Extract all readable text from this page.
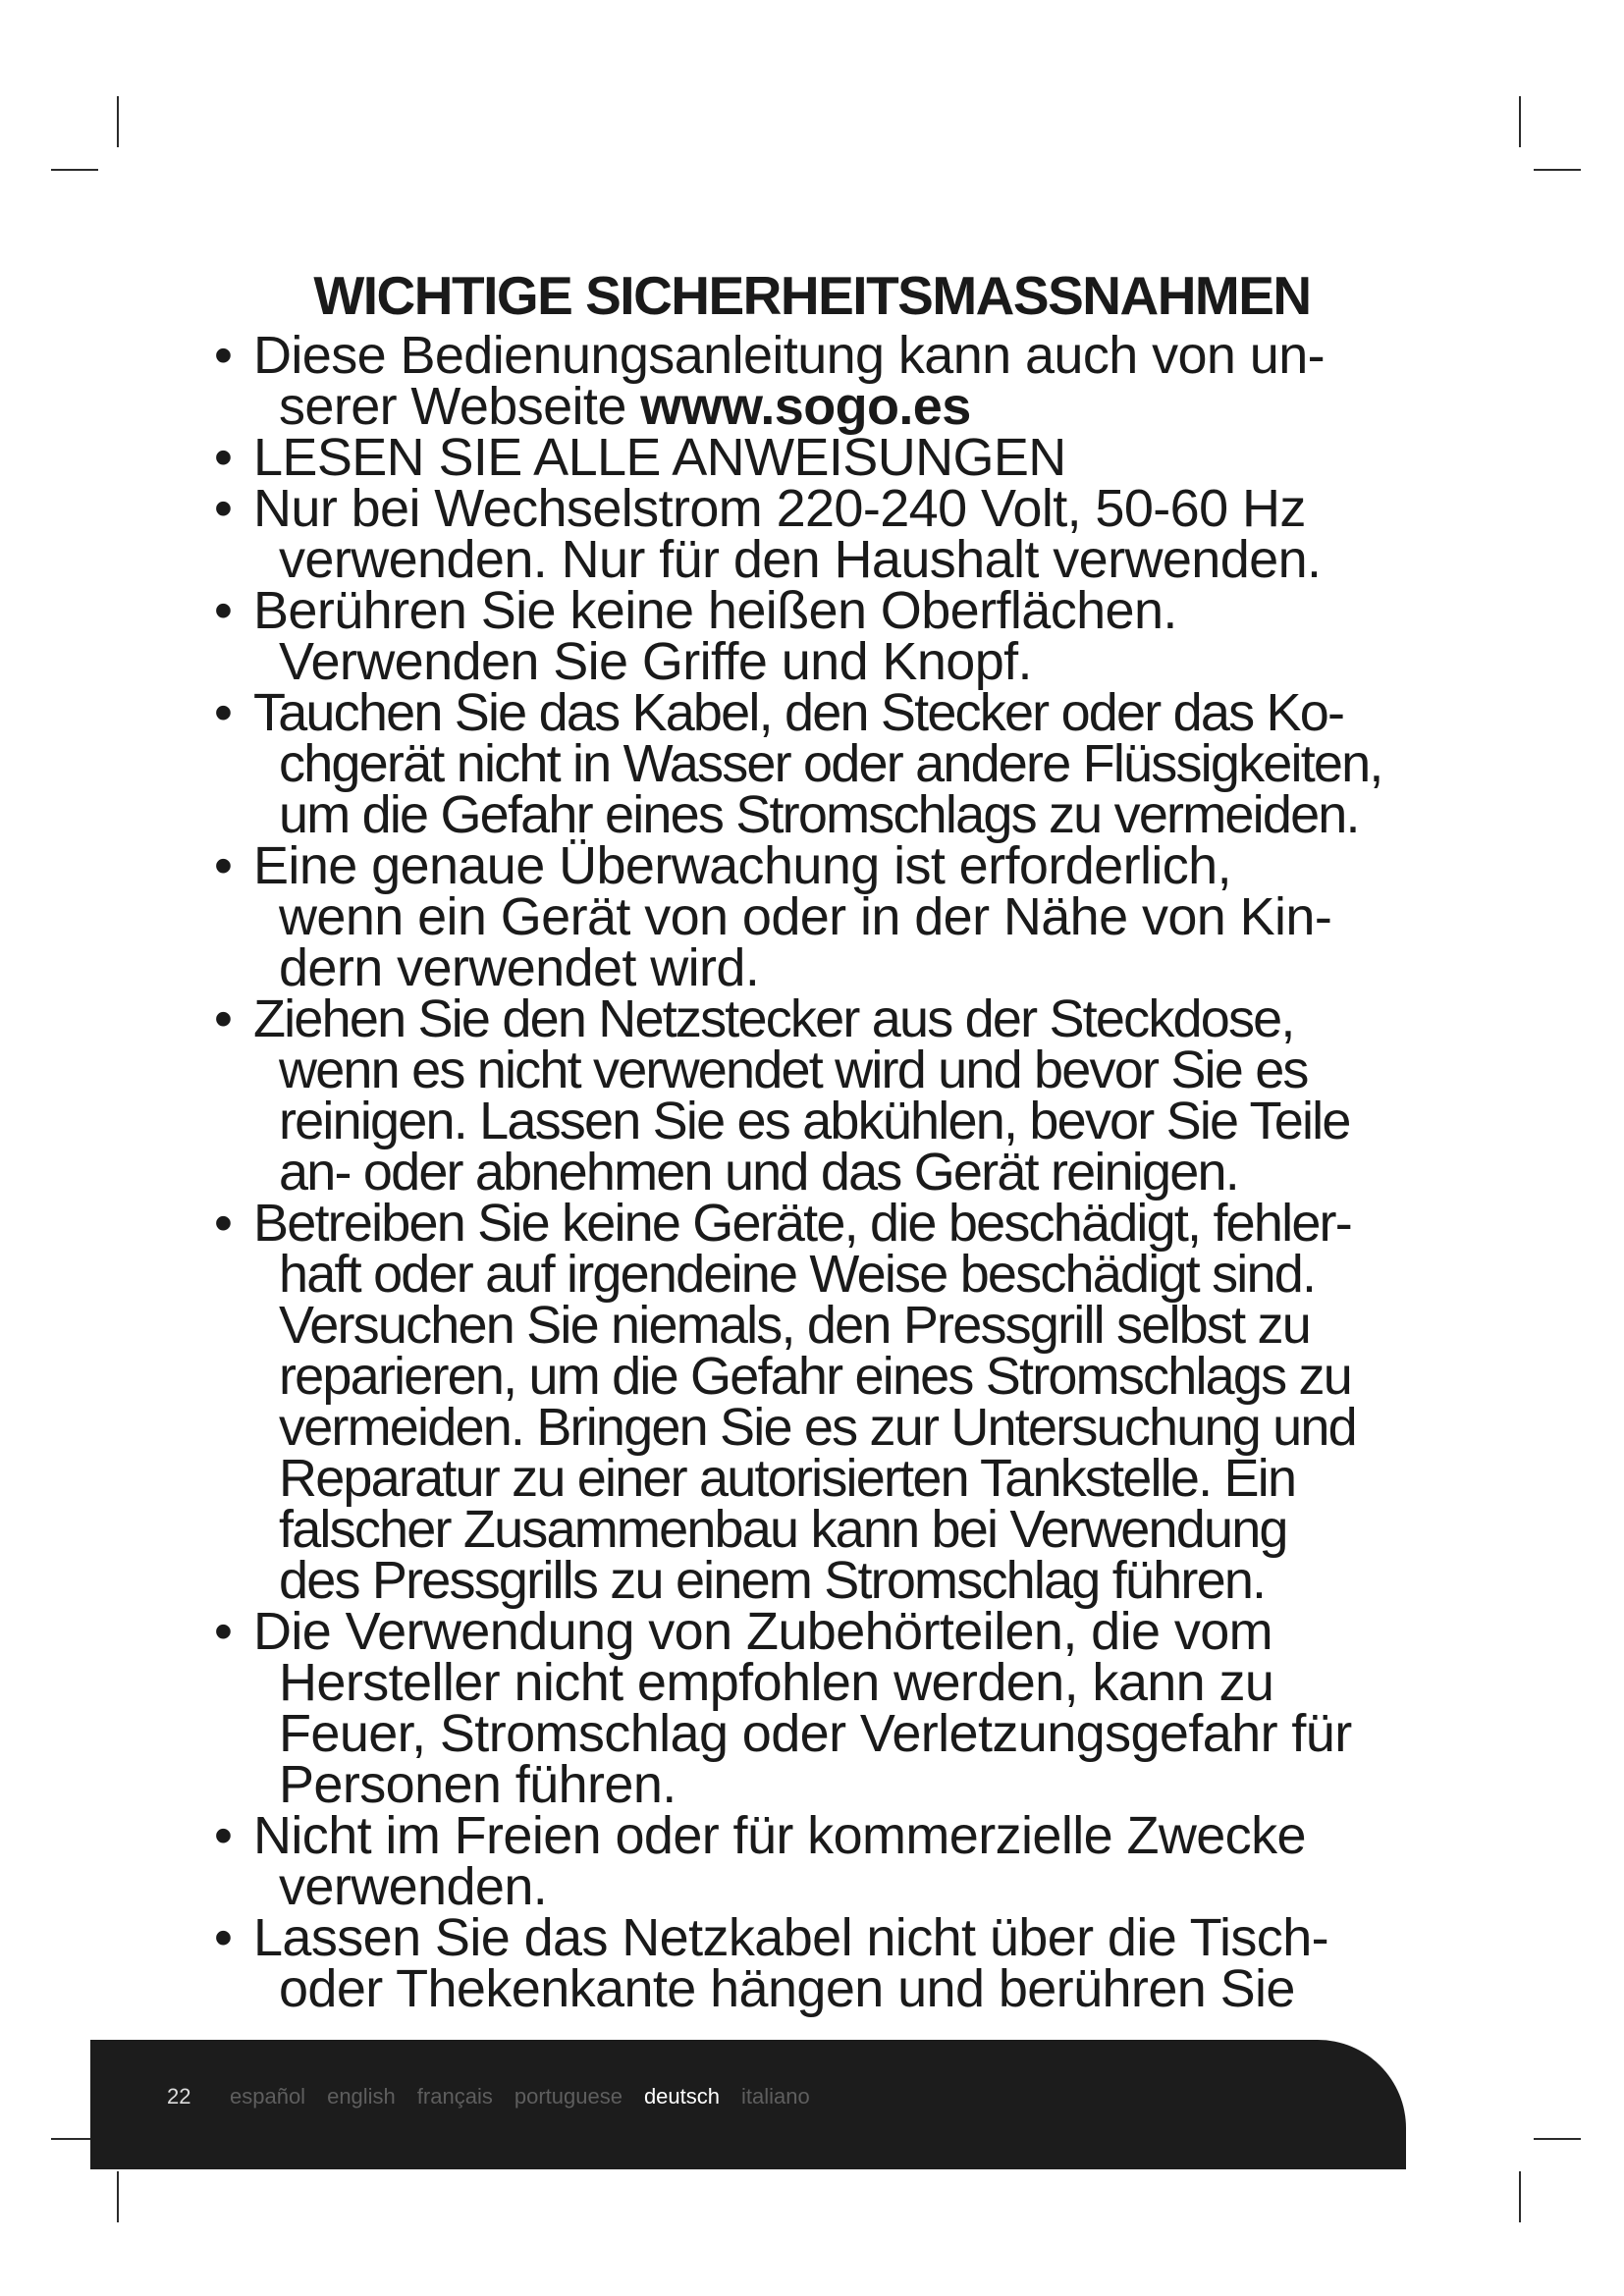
WICHTIGE SICHERHEITSMASSNAHMEN
• Diese Bedienungsanleitung kann auch von un-
serer Webseite www.sogo.es
• LESEN SIE ALLE ANWEISUNGEN
• Nur bei Wechselstrom 220-240 Volt, 50-60 Hz
verwenden. Nur für den Haushalt verwenden.
• Berühren Sie keine heißen Oberflächen.
Verwenden Sie Griffe und Knopf.
• Tauchen Sie das Kabel, den Stecker oder das Ko-
chgerät nicht in Wasser oder andere Flüssigkeiten,
um die Gefahr eines Stromschlags zu vermeiden.
• Eine genaue Überwachung ist erforderlich,
wenn ein Gerät von oder in der Nähe von Kin-
dern verwendet wird.
• Ziehen Sie den Netzstecker aus der Steckdose,
wenn es nicht verwendet wird und bevor Sie es
reinigen. Lassen Sie es abkühlen, bevor Sie Teile
an- oder abnehmen und das Gerät reinigen.
• Betreiben Sie keine Geräte, die beschädigt, fehler-
haft oder auf irgendeine Weise beschädigt sind.
Versuchen Sie niemals, den Pressgrill selbst zu
reparieren, um die Gefahr eines Stromschlags zu
vermeiden. Bringen Sie es zur Untersuchung und
Reparatur zu einer autorisierten Tankstelle. Ein
falscher Zusammenbau kann bei Verwendung
des Pressgrills zu einem Stromschlag führen.
• Die Verwendung von Zubehörteilen, die vom
Hersteller nicht empfohlen werden, kann zu
Feuer, Stromschlag oder Verletzungsgefahr für
Personen führen.
• Nicht im Freien oder für kommerzielle Zwecke
verwenden.
• Lassen Sie das Netzkabel nicht über die Tisch-
oder Thekenkante hängen und berühren Sie
22 español english français portuguese deutsch italiano
